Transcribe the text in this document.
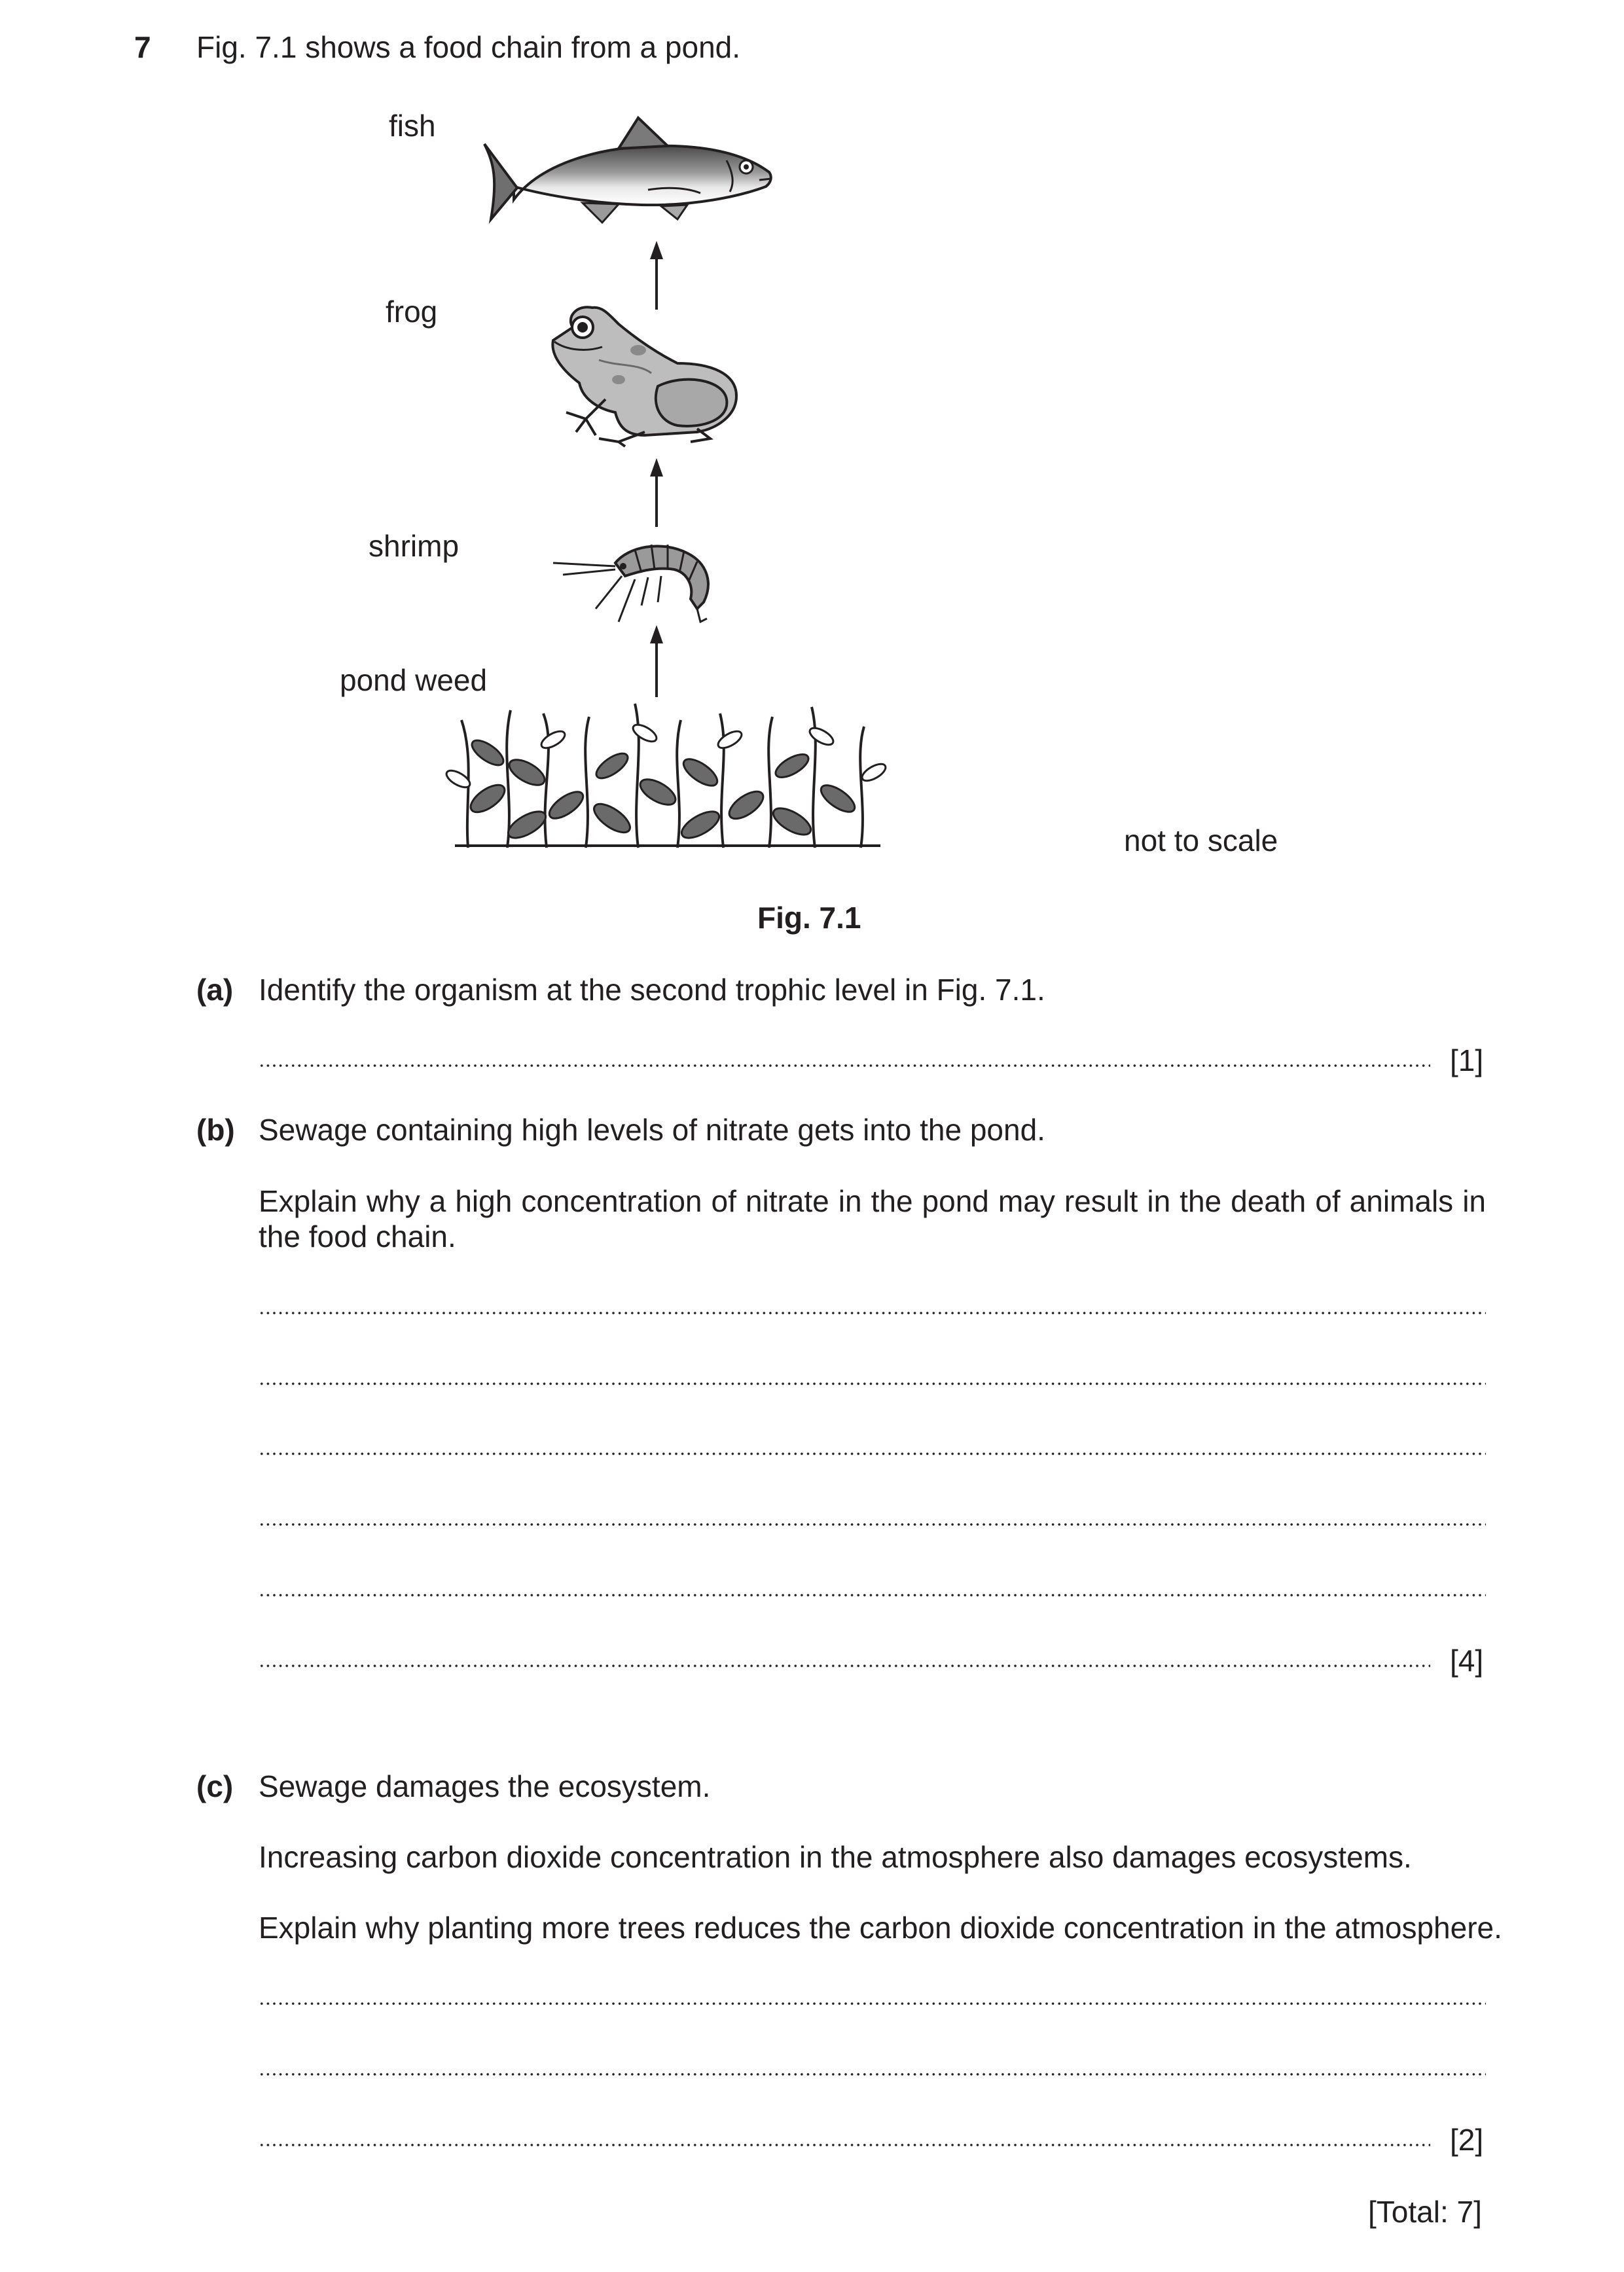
7 Fig. 7.1 shows a food chain from a pond.
fish
frog
shrimp
pond weed
not to scale
Fig. 7.1
(a) Identify the organism at the second trophic level in Fig. 7.1.
[1]
(b) Sewage containing high levels of nitrate gets into the pond.
Explain why a high concentration of nitrate in the pond may result in the death of animals in the food chain.
[4]
(c) Sewage damages the ecosystem.
Increasing carbon dioxide concentration in the atmosphere also damages ecosystems.
Explain why planting more trees reduces the carbon dioxide concentration in the atmosphere.
[2]
[Total: 7]
